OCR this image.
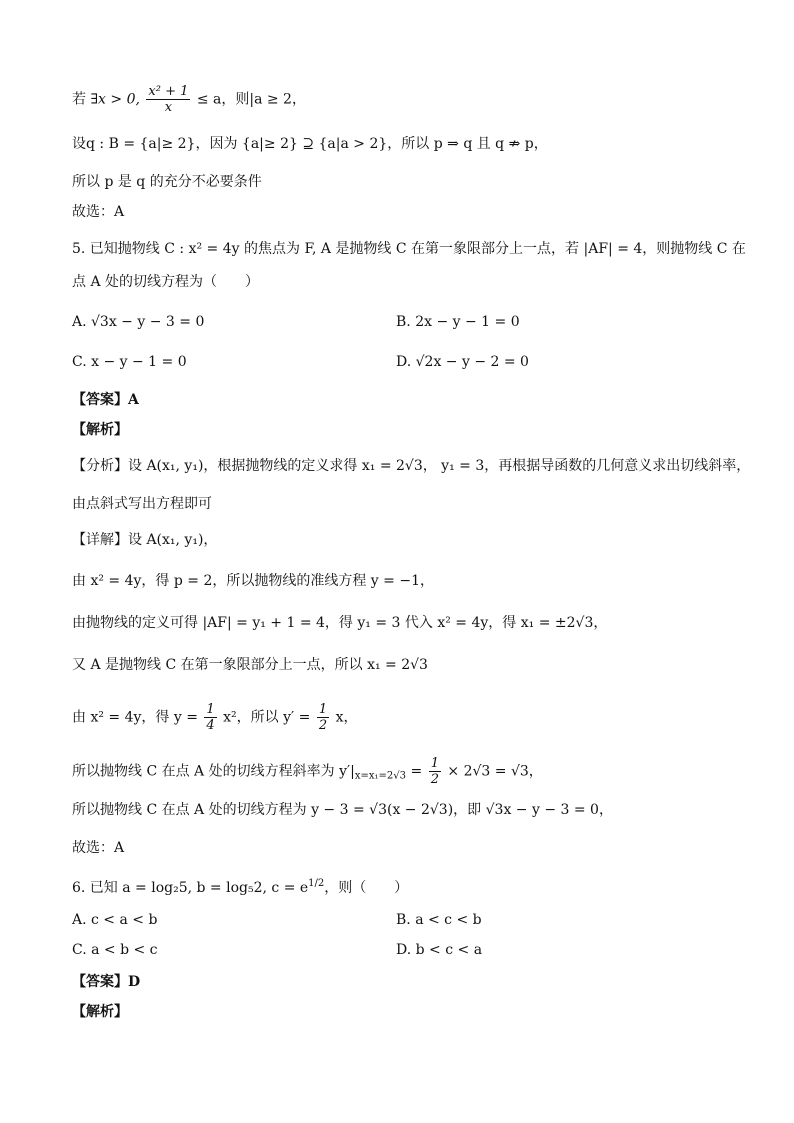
若 ∃x > 0, $\frac{\text{x² + 1}}{x} \le a$，则|a ≥ 2，
设q : B = {a|≥ 2}，因为 {a|≥ 2} ⊇ {a|a > 2}，所以 p ⇒ q 且 q ⇏ p，
所以 p 是 q 的充分不必要条件
故选：A
5. 已知抛物线 C : x² = 4y 的焦点为 F, A 是抛物线 C 在第一象限部分上一点，若 |AF| = 4，则抛物线 C 在
点 A 处的切线方程为（　　）
A. √3x − y − 3 = 0	B. 2x − y − 1 = 0
C. x − y − 1 = 0	D. √2x − y − 2 = 0
【答案】A
【解析】
【分析】设 A(x₁, y₁)，根据抛物线的定义求得 x₁ = 2√3， y₁ = 3，再根据导函数的几何意义求出切线斜率，
由点斜式写出方程即可
【详解】设 A(x₁, y₁)，
由 x² = 4y，得 p = 2，所以抛物线的准线方程 y = −1，
由抛物线的定义可得 |AF| = y₁ + 1 = 4，得 y₁ = 3 代入 x² = 4y，得 x₁ = ±2√3，
又 A 是抛物线 C 在第一象限部分上一点，所以 x₁ = 2√3
由 x² = 4y，得 $y = \frac{1}{4} x^2$，所以 $y' = \frac{1}{2}$ x，
所以抛物线 C 在点 A 处的切线方程斜率为 $y'|_{x=x_1=2√3} = \frac{1}{2} \times 2√3 = √3$，
所以抛物线 C 在点 A 处的切线方程为 y − 3 = √3(x − 2√3)，即 √3x − y − 3 = 0，
故选：A
6. 已知 a = log₂5, b = log₅2, $c = e^{1/2}$，则（　　）
A. c < a < b	B. a < c < b
C. a < b < c	D. b < c < a
【答案】D
【解析】
